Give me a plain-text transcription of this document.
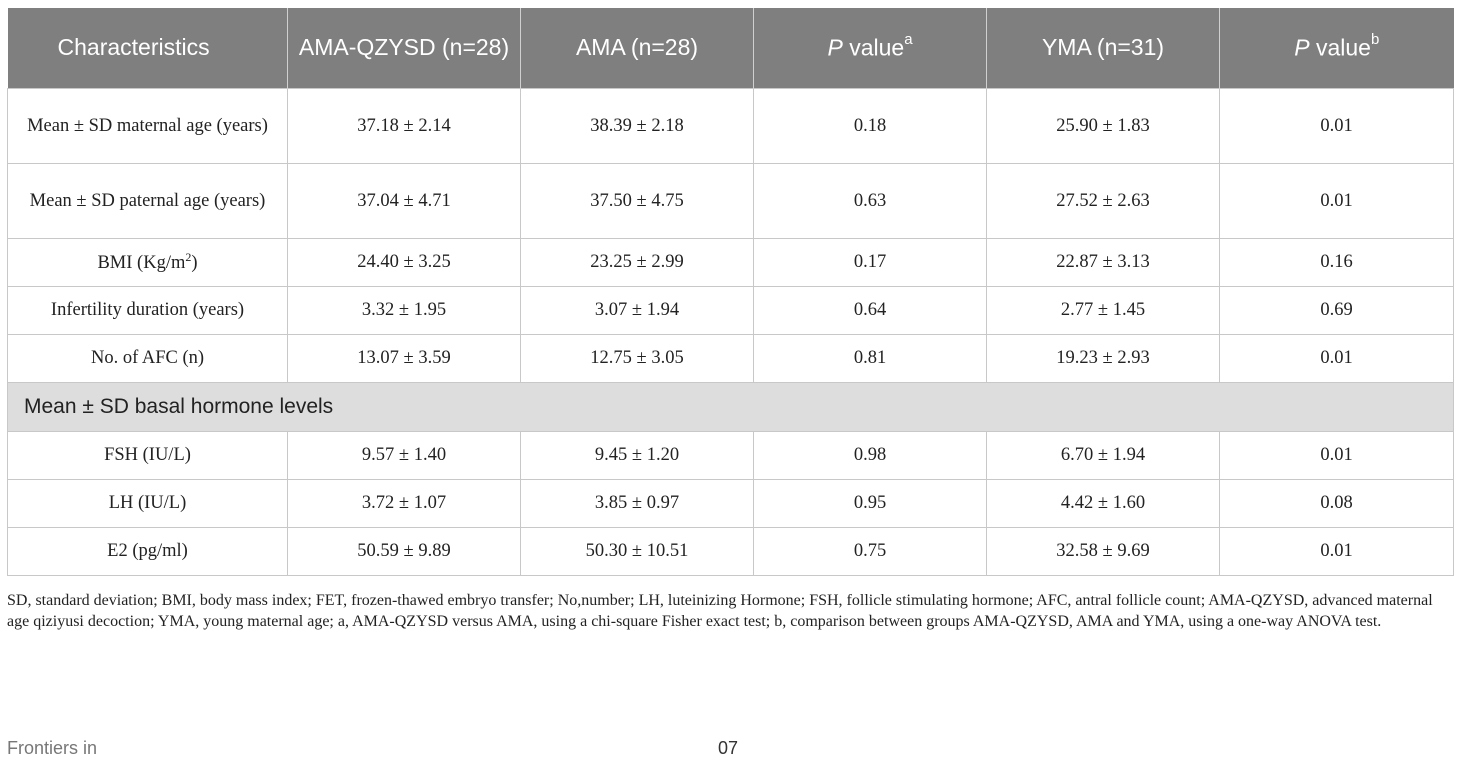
Characteristics	AMA-QZYSD (n=28)	AMA (n=28)	P value$^a$	YMA (n=31)	P value$^b$
Mean ± SD maternal age (years)	37.18 ± 2.14	38.39 ± 2.18	0.18	25.90 ± 1.83	0.01
Mean ± SD paternal age (years)	37.04 ± 4.71	37.50 ± 4.75	0.63	27.52 ± 2.63	0.01
BMI $(Kg/m^2)$	24.40 ± 3.25	23.25 ± 2.99	0.17	22.87 ± 3.13	0.16
Infertility duration (years)	3.32 ± 1.95	3.07 ± 1.94	0.64	2.77 ± 1.45	0.69
No. of AFC (n)	13.07 ± 3.59	12.75 ± 3.05	0.81	19.23 ± 2.93	0.01
Mean ± SD basal hormone levels					
FSH (IU/L)	9.57 ± 1.40	9.45 ± 1.20	0.98	6.70 ± 1.94	0.01
LH (IU/L)	3.72 ± 1.07	3.85 ± 0.97	0.95	4.42 ± 1.60	0.08
E2 (pg/ml)	50.59 ± 9.89	50.30 ± 10.51	0.75	32.58 ± 9.69	0.01
SD, standard deviation; BMI, body mass index; FET, frozen-thawed embryo transfer; No,number; LH, luteinizing Hormone; FSH, follicle stimulating hormone; AFC, antral follicle count; AMA-QZYSD, advanced maternal age qiziyusi decoction; YMA, young maternal age; a, AMA-QZYSD versus AMA, using a chi-square Fisher exact test; b, comparison between groups AMA-QZYSD, AMA and YMA, using a one-way ANOVA test.
Frontiers in	07
